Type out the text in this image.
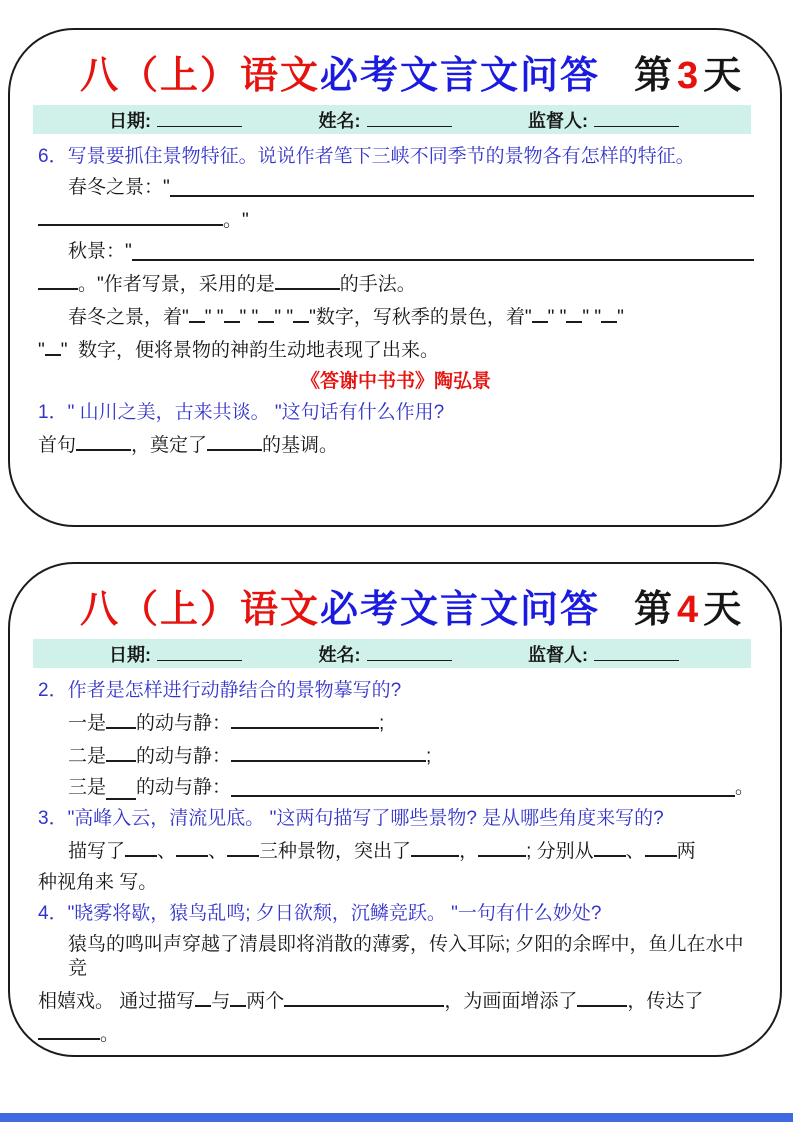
八（上）语文必考文言文问答 第3天
日期:	姓名:	监督人:
6．写景要抓住景物特征。说说作者笔下三峡不同季节的景物各有怎样的特征。
春冬之景："
。"
秋景："
。"作者写景，采用的是	的手法。
春冬之景，着" " " " " " " "数字，写秋季的景色，着" " " " " "
" "  数字，便将景物的神韵生动地表现了出来。
《答谢中书书》陶弘景
1．" 山川之美，古来共谈。 "这句话有什么作用?
首句	，奠定了	的基调。
八（上）语文必考文言文问答 第4天
日期:	姓名:	监督人:
2．作者是怎样进行动静结合的景物摹写的?
一是 的动与静：	;
二是 的动与静：	;
三是 的动与静：	。
3．"高峰入云，清流见底。 "这两句描写了哪些景物? 是从哪些角度来写的?
描写了 、 、 三种景物，突出了	，	; 分别从 、 两
种视角来 写。
4．"晓雾将歇，猿鸟乱鸣; 夕日欲颓，沉鳞竞跃。 "一句有什么妙处?
猿鸟的鸣叫声穿越了清晨即将消散的薄雾，传入耳际; 夕阳的余晖中，鱼儿在水中竞
相嬉戏。 通过描写 与 两个	，为画面增添了	，传达了
。
